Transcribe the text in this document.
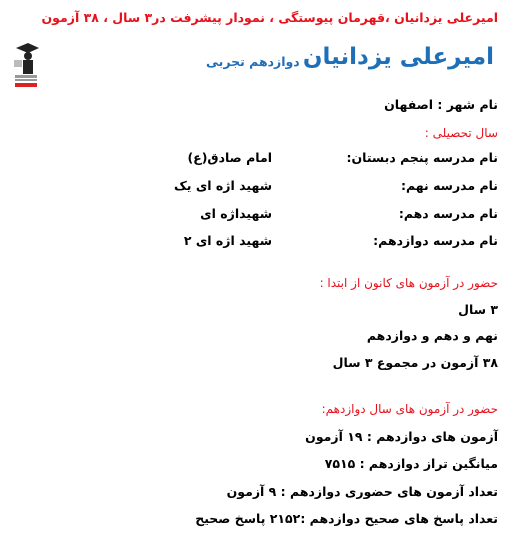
امیرعلی یزدانیان ،قهرمان پیوستگی ، نمودار پیشرفت در۳ سال ، ۳۸ آزمون
امیرعلی یزدانیان
دوازدهم تجربی
نام شهر : اصفهان
سال تحصیلی :
نام مدرسه پنجم دبستان:
امام صادق(ع)
نام مدرسه نهم:
شهید اژه ای یک
نام مدرسه دهم:
شهیداژه ای
نام مدرسه دوازدهم:
شهید اژه ای ۲
حضور در آزمون های کانون از ابتدا :
۳ سال
نهم و دهم و دوازدهم
۳۸ آزمون در مجموع ۳ سال
حضور در آزمون های سال دوازدهم:
آزمون های دوازدهم : ۱۹ آزمون
میانگین تراز دوازدهم : ۷۵۱۵
تعداد آزمون های حضوری دوازدهم : ۹ آزمون
تعداد پاسخ های صحیح دوازدهم :۲۱۵۲ پاسخ صحیح
